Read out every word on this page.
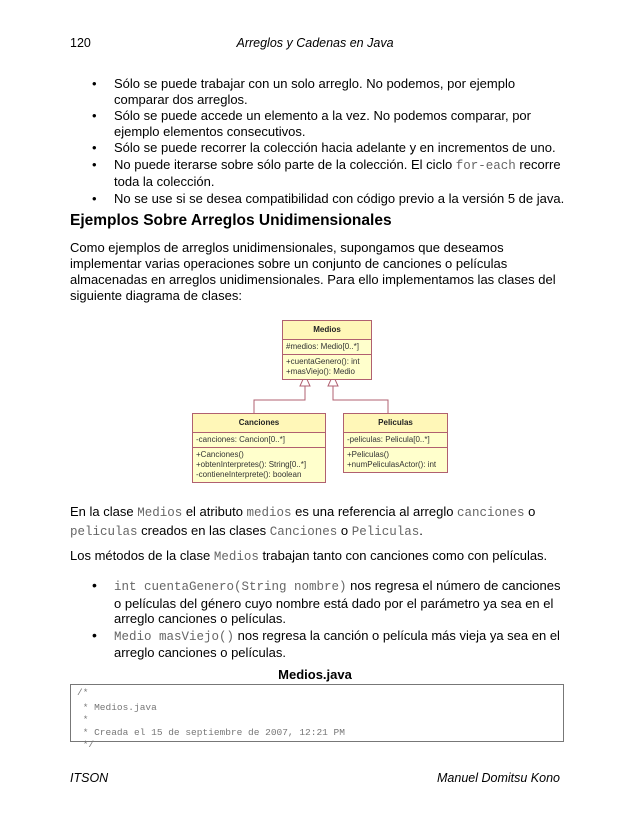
120	Arreglos y Cadenas en Java
• Sólo se puede trabajar con un solo arreglo. No podemos, por ejemplo comparar dos arreglos.
• Sólo se puede accede un elemento a la vez. No podemos comparar, por ejemplo elementos consecutivos.
• Sólo se puede recorrer la colección hacia adelante y en incrementos de uno.
• No puede iterarse sobre sólo parte de la colección. El ciclo for-each recorre toda la colección.
• No se use si se desea compatibilidad con código previo a la versión 5 de java.
Ejemplos Sobre Arreglos Unidimensionales

Como ejemplos de arreglos unidimensionales, supongamos que deseamos implementar varias operaciones sobre un conjunto de canciones o películas almacenadas en arreglos unidimensionales. Para ello implementamos las clases del siguiente diagrama de clases:

Medios
#medios: Medio[0..*]
+cuentaGenero(): int
+masViejo(): Medio
Canciones
-canciones: Cancion[0..*]
+Canciones()
+obtenInterpretes(): String[0..*]
-contieneInterprete(): boolean
Peliculas
-peliculas: Pelicula[0..*]
+Peliculas()
+numPeliculasActor(): int

En la clase Medios el atributo medios es una referencia al arreglo canciones o peliculas creados en las clases Canciones o Peliculas.

Los métodos de la clase Medios trabajan tanto con canciones como con películas.

• int cuentaGenero(String nombre) nos regresa el número de canciones o películas del género cuyo nombre está dado por el parámetro ya sea en el arreglo canciones o películas.
• Medio masViejo() nos regresa la canción o película más vieja ya sea en el arreglo canciones o películas.
Medios.java
/*
* Medios.java
*
* Creada el 15 de septiembre de 2007, 12:21 PM
*/
ITSON	Manuel Domitsu Kono
